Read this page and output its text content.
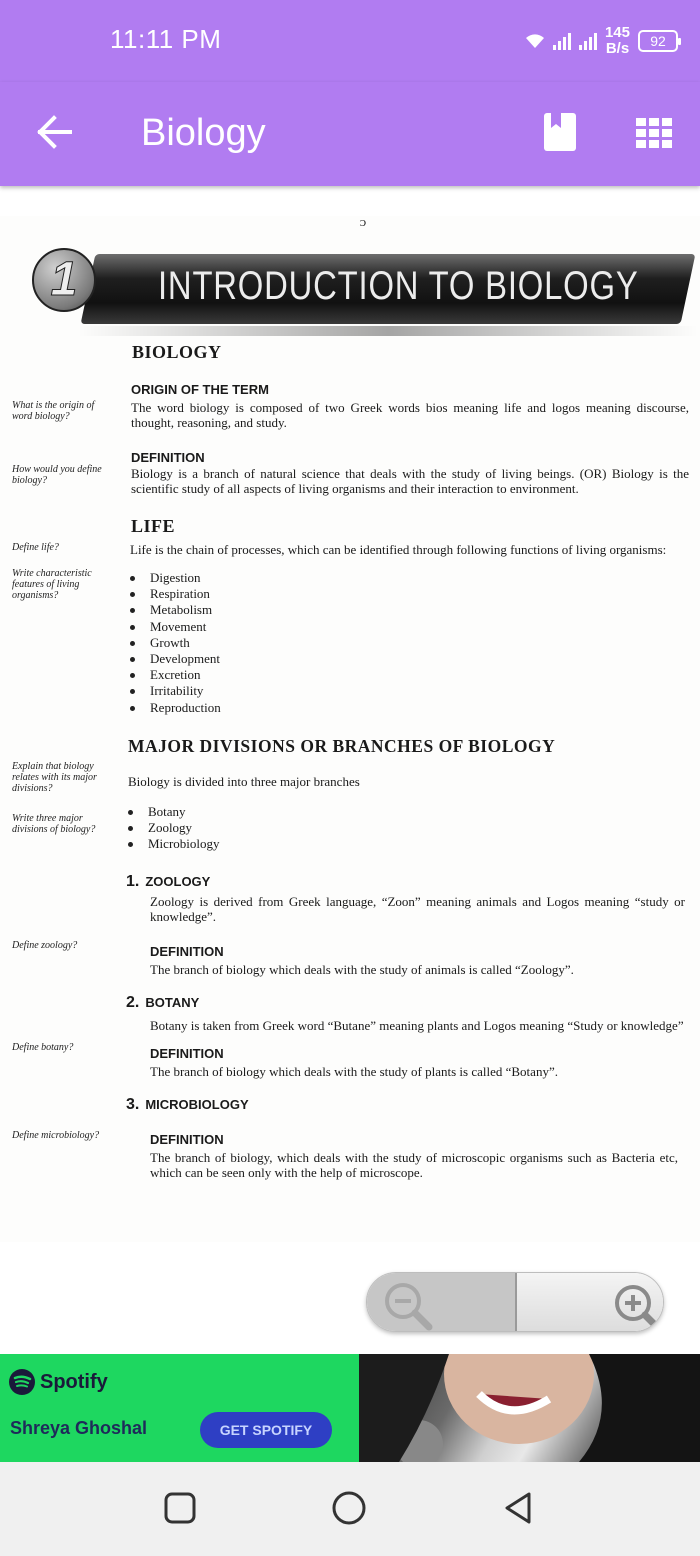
11:11 PM	145
B/s	92
Biology
ᴐ
1	INTRODUCTION TO BIOLOGY
BIOLOGY
ORIGIN OF THE TERM
What is the origin of word biology?
The word biology is composed of two Greek words bios meaning life and logos meaning discourse, thought, reasoning, and study.
DEFINITION
How would you define biology?	Biology is a branch of natural science that deals with the study of living beings. (OR) Biology is the scientific study of all aspects of living organisms and their interaction to environment.
LIFE
Define life?	Life is the chain of processes, which can be identified through following functions of living organisms:
Write characteristic features of living organisms?
Digestion
Respiration
Metabolism
Movement
Growth
Development
Excretion
Irritability
Reproduction
MAJOR DIVISIONS OR BRANCHES OF BIOLOGY
Explain that biology relates with its major divisions?	Biology is divided into three major branches
Write three major divisions of biology?
Botany
Zoology
Microbiology
1. ZOOLOGY
Zoology is derived from Greek language, “Zoon” meaning animals and Logos meaning “study or knowledge”.
Define zoology?	DEFINITION
The branch of biology which deals with the study of animals is called “Zoology”.
2. BOTANY
Botany is taken from Greek word “Butane” meaning plants and Logos meaning “Study or knowledge”
Define botany?	DEFINITION
The branch of biology which deals with the study of plants is called “Botany”.
3. MICROBIOLOGY
Define microbiology?	DEFINITION
The branch of biology, which deals with the study of microscopic organisms such as Bacteria etc, which can be seen only with the help of microscope.
Spotify
Shreya Ghoshal	GET SPOTIFY
